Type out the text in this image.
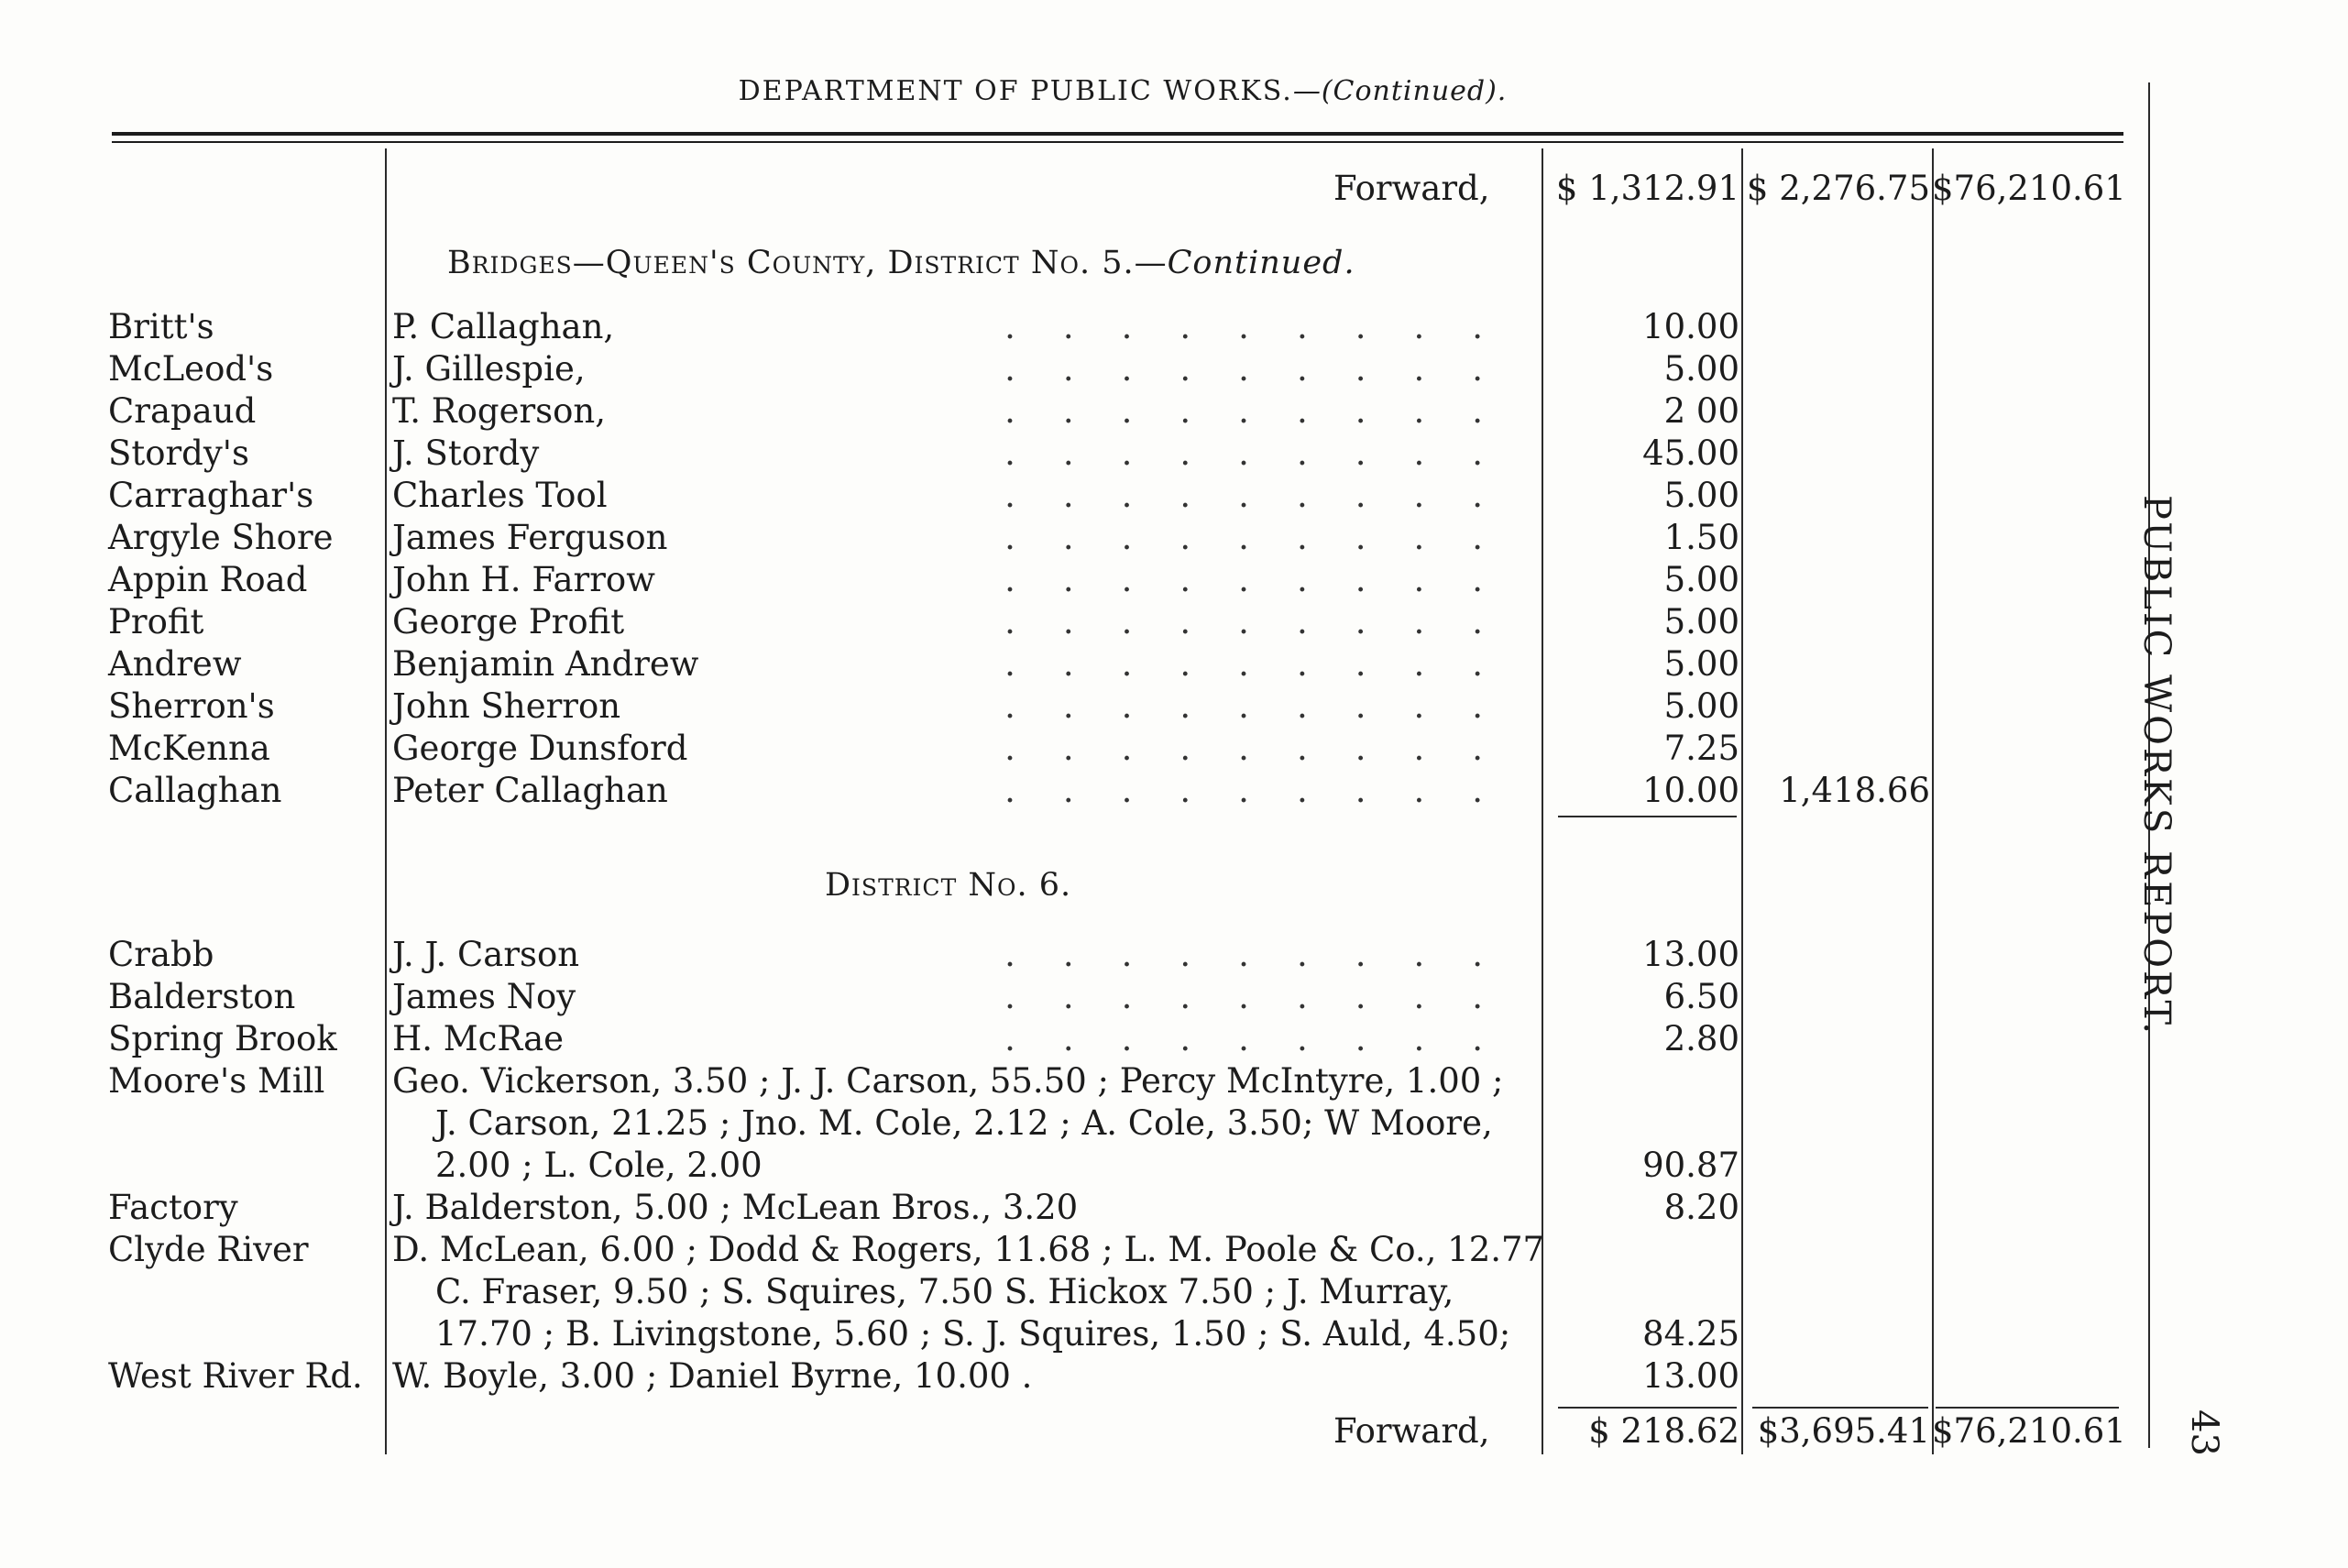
DEPARTMENT OF PUBLIC WORKS.—(Continued).
Forward,	$ 1,312.91 $ 2,276.75 $76,210.61
Bridges—Queen's County, District No. 5.—Continued.
Britt's	P. Callaghan,	.........	10.00
McLeod's	J. Gillespie,	.........	5.00
Crapaud	T. Rogerson,	.........	2 00
Stordy's	J. Stordy	.........	45.00
Carraghar's Charles Tool	.........	5.00
Argyle Shore James Ferguson	.........	1.50
Appin Road	John H. Farrow	.........	5.00
Profit	George Profit	.........	5.00
Andrew	Benjamin Andrew	.........	5.00
Sherron's	John Sherron	.........	5.00
McKenna	George Dunsford	.........	7.25
Callaghan	Peter Callaghan	.........	10.00	1,418.66
District No. 6.
Crabb	J. J. Carson	.........	13.00
Balderston	James Noy	.........	6.50
Spring Brook H. McRae	.........	2.80
Moore's Mill Geo. Vickerson, 3.50 ; J. J. Carson, 55.50 ; Percy McIntyre, 1.00 ;
J. Carson, 21.25 ; Jno. M. Cole, 2.12 ; A. Cole, 3.50; W Moore,
2.00 ; L. Cole, 2.00	90.87
Factory	J. Balderston, 5.00 ; McLean Bros., 3.20	8.20
Clyde River D. McLean, 6.00 ; Dodd & Rogers, 11.68 ; L. M. Poole & Co., 12.77
C. Fraser, 9.50 ; S. Squires, 7.50 S. Hickox 7.50 ; J. Murray,
17.70 ; B. Livingstone, 5.60 ; S. J. Squires, 1.50 ; S. Auld, 4.50;	84.25
West River Rd. W. Boyle, 3.00 ; Daniel Byrne, 10.00 .	13.00
Forward,	$ 218.62 $3,695.41 $76,210.61
PUBLIC WORKS REPORT.
43
